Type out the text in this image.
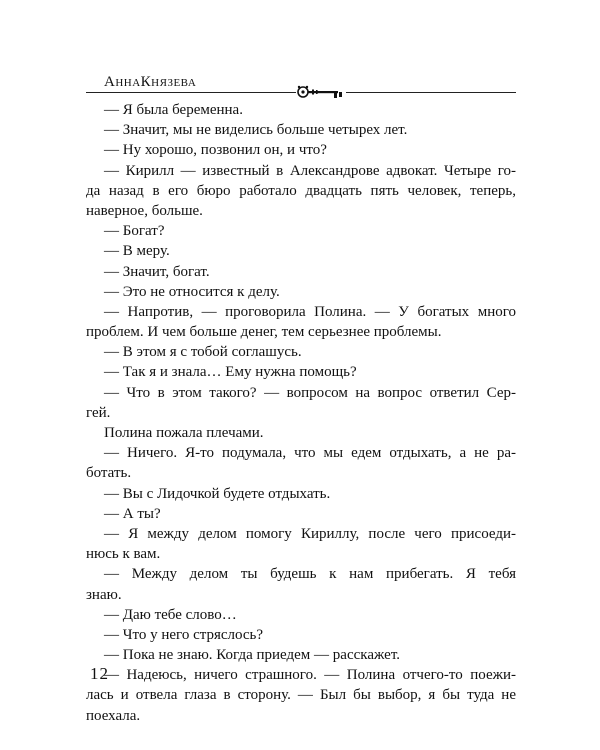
АннаКнязева
— Я была беременна.
— Значит, мы не виделись больше четырех лет.
— Ну хорошо, позвонил он, и что?
— Кирилл — известный в Александрове адвокат. Четыре го-
да назад в его бюро работало двадцать пять человек, теперь,
наверное, больше.
— Богат?
— В меру.
— Значит, богат.
— Это не относится к делу.
— Напротив, — проговорила Полина. — У богатых много
проблем. И чем больше денег, тем серьезнее проблемы.
— В этом я с тобой соглашусь.
— Так я и знала… Ему нужна помощь?
— Что в этом такого? — вопросом на вопрос ответил Сер-
гей.
Полина пожала плечами.
— Ничего. Я-то подумала, что мы едем отдыхать, а не ра-
ботать.
— Вы с Лидочкой будете отдыхать.
— А ты?
— Я между делом помогу Кириллу, после чего присоеди-
нюсь к вам.
— Между делом ты будешь к нам прибегать. Я тебя
знаю.
— Даю тебе слово…
— Что у него стряслось?
— Пока не знаю. Когда приедем — расскажет.
— Надеюсь, ничего страшного. — Полина отчего-то поежи-
лась и отвела глаза в сторону. — Был бы выбор, я бы туда не
поехала.
12
